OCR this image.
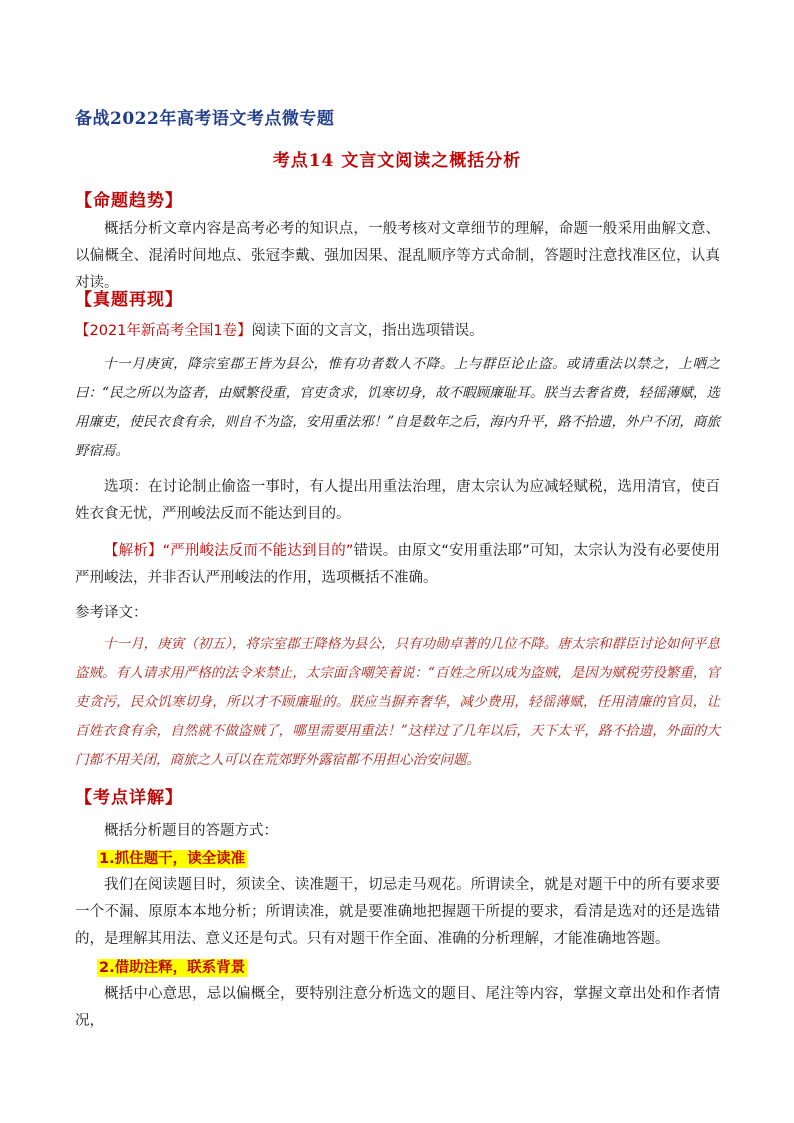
备战2022年高考语文考点微专题
考点14 文言文阅读之概括分析
【命题趋势】
概括分析文章内容是高考必考的知识点，一般考核对文章细节的理解，命题一般采用曲解文意、以偏概全、混淆时间地点、张冠李戴、强加因果、混乱顺序等方式命制，答题时注意找准区位，认真对读。
【真题再现】
【2021年新高考全国1卷】阅读下面的文言文，指出选项错误。
十一月庚寅，降宗室郡王皆为县公，惟有功者数人不降。上与群臣论止盗。或请重法以禁之，上哂之曰：“民之所以为盗者，由赋繁役重，官吏贪求，饥寒切身，故不暇顾廉耻耳。朕当去奢省费，轻徭薄赋，选用廉吏，使民衣食有余，则自不为盗，安用重法邪！”自是数年之后，海内升平，路不拾遗，外户不闭，商旅野宿焉。
选项：在讨论制止偷盗一事时，有人提出用重法治理，唐太宗认为应减轻赋税，选用清官，使百姓衣食无忧，严刑峻法反而不能达到目的。
【解析】“严刑峻法反而不能达到目的”错误。由原文“安用重法耶”可知，太宗认为没有必要使用严刑峻法，并非否认严刑峻法的作用，选项概括不准确。
参考译文：
十一月，庚寅（初五），将宗室郡王降格为县公，只有功勋卓著的几位不降。唐太宗和群臣讨论如何平息盗贼。有人请求用严格的法令来禁止，太宗面含嘲笑着说：“百姓之所以成为盗贼，是因为赋税劳役繁重，官吏贪污，民众饥寒切身，所以才不顾廉耻的。朕应当摒弃奢华，减少费用，轻徭薄赋，任用清廉的官员，让百姓衣食有余，自然就不做盗贼了，哪里需要用重法！”这样过了几年以后，天下太平，路不拾遗，外面的大门都不用关闭，商旅之人可以在荒郊野外露宿都不用担心治安问题。
【考点详解】
概括分析题目的答题方式：
1.抓住题干，读全读准
我们在阅读题目时，须读全、读准题干，切忌走马观花。所谓读全，就是对题干中的所有要求要一个不漏、原原本本地分析；所谓读准，就是要准确地把握题干所提的要求，看清是选对的还是选错的，是理解其用法、意义还是句式。只有对题干作全面、准确的分析理解，才能准确地答题。
2.借助注释，联系背景
概括中心意思，忌以偏概全，要特别注意分析选文的题目、尾注等内容，掌握文章出处和作者情况，
